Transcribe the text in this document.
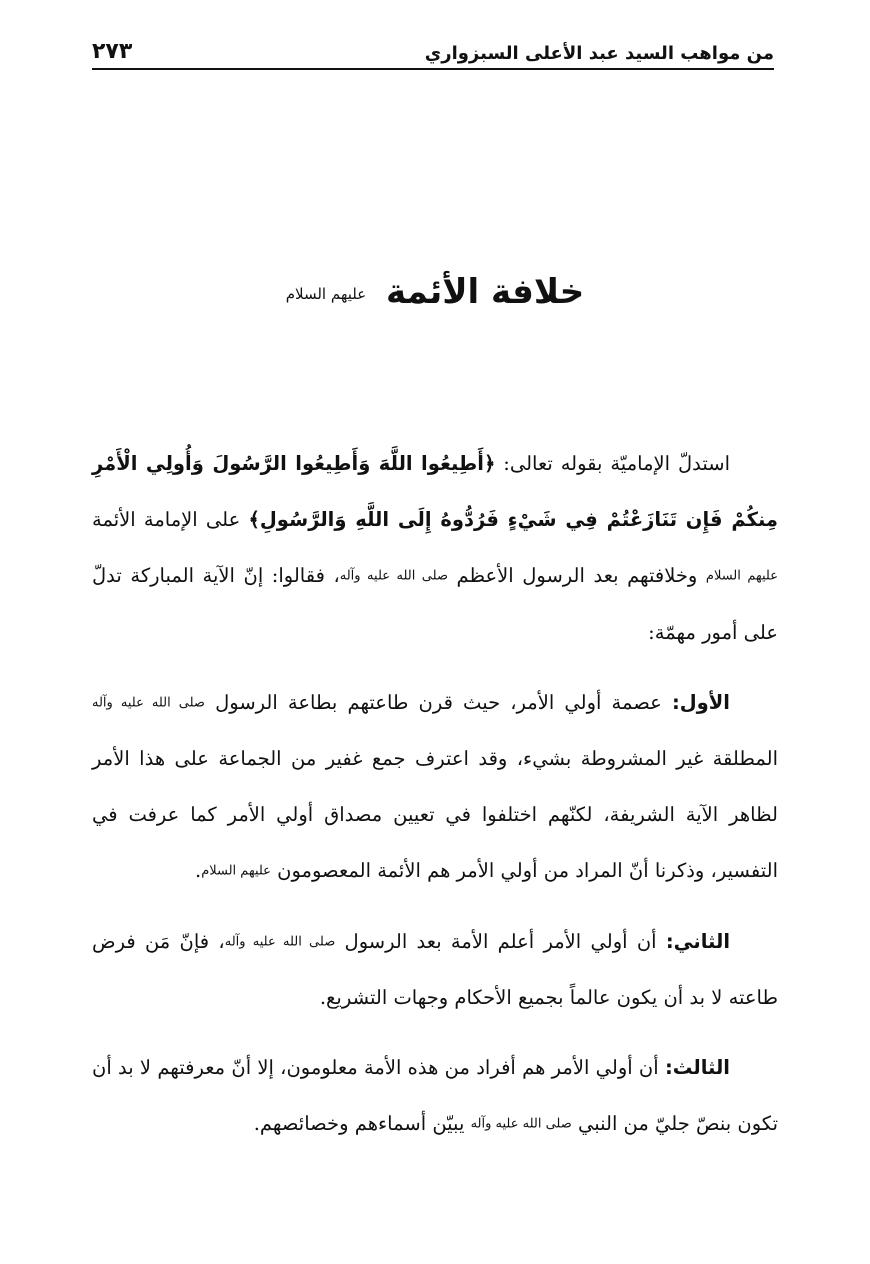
من مواهب السيد عبد الأعلى السبزواري
٢٧٣
خلافة الأئمة عليهم السلام

استدلّ الإماميّة بقوله تعالى: ﴿أَطِيعُوا اللَّهَ وَأَطِيعُوا الرَّسُولَ وَأُولِي الْأَمْرِ مِنكُمْ فَإِن تَنَازَعْتُمْ فِي شَيْءٍ فَرُدُّوهُ إِلَى اللَّهِ وَالرَّسُولِ﴾ على الإمامة الأئمة عليهم السلام وخلافتهم بعد الرسول الأعظم صلى الله عليه وآله، فقالوا: إنّ الآية المباركة تدلّ على أمور مهمّة:

الأول: عصمة أولي الأمر، حيث قرن طاعتهم بطاعة الرسول صلى الله عليه وآله المطلقة غير المشروطة بشيء، وقد اعترف جمع غفير من الجماعة على هذا الأمر لظاهر الآية الشريفة، لكنّهم اختلفوا في تعيين مصداق أولي الأمر كما عرفت في التفسير، وذكرنا أنّ المراد من أولي الأمر هم الأئمة المعصومون عليهم السلام.

الثاني: أن أولي الأمر أعلم الأمة بعد الرسول صلى الله عليه وآله، فإنّ مَن فرض طاعته لا بد أن يكون عالماً بجميع الأحكام وجهات التشريع.

الثالث: أن أولي الأمر هم أفراد من هذه الأمة معلومون، إلا أنّ معرفتهم لا بد أن تكون بنصّ جليّ من النبي صلى الله عليه وآله يبيّن أسماءهم وخصائصهم.
